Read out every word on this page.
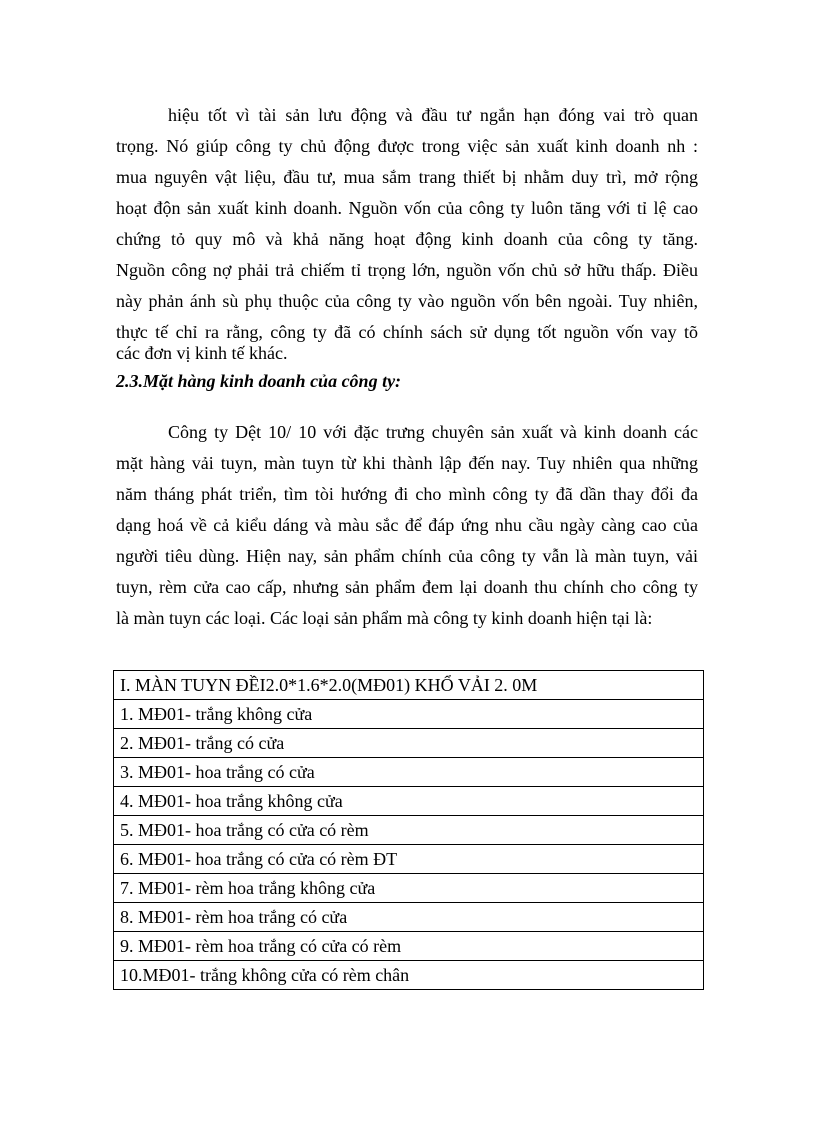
hiệu tốt vì tài sản lưu động và đầu tư ngắn hạn đóng vai trò quan
trọng. Nó giúp công ty chủ động được trong việc sản xuất kinh doanh nh :
mua nguyên vật liệu, đầu tư, mua sắm trang thiết bị nhằm duy trì, mở rộng
hoạt độn sản xuất kinh doanh. Nguồn vốn của công ty luôn tăng với tỉ lệ cao
chứng tỏ quy mô và khả năng hoạt động kinh doanh của công ty tăng.
Nguồn công nợ phải trả chiếm tỉ trọng lớn, nguồn vốn chủ sở hữu thấp. Điều
này phản ánh sù phụ thuộc của công ty vào nguồn vốn bên ngoài. Tuy nhiên,
thực tế chỉ ra rằng, công ty đã có chính sách sử dụng tốt nguồn vốn vay tõ
các đơn vị kinh tế khác.
2.3.Mặt hàng kinh doanh của công ty:
Công ty Dệt 10/ 10 với đặc trưng chuyên sản xuất và kinh doanh các
mặt hàng vải tuyn, màn tuyn từ khi thành lập đến nay. Tuy nhiên qua những
năm tháng phát triển, tìm tòi hướng đi cho mình công ty đã dần thay đổi đa
dạng hoá về cả kiểu dáng và màu sắc để đáp ứng nhu cầu ngày càng cao của
người tiêu dùng. Hiện nay, sản phẩm chính của công ty vẫn là màn tuyn, vải
tuyn, rèm cửa cao cấp, nhưng sản phẩm đem lại doanh thu chính cho công ty
là màn tuyn các loại. Các loại sản phẩm mà công ty kinh doanh hiện tại là:
I. MÀN TUYN ĐỀI2.0*1.6*2.0(MĐ01) KHỔ VẢI 2. 0M
1. MĐ01- trắng không cửa
2. MĐ01- trắng có cửa
3. MĐ01- hoa trắng có cửa
4. MĐ01- hoa trắng không cửa
5. MĐ01- hoa trắng có cửa có rèm
6. MĐ01- hoa trắng có cửa có rèm ĐT
7. MĐ01- rèm hoa trắng không cửa
8. MĐ01- rèm hoa trắng có cửa
9. MĐ01- rèm hoa trắng có cửa có rèm
10.MĐ01- trắng không cửa có rèm chân
